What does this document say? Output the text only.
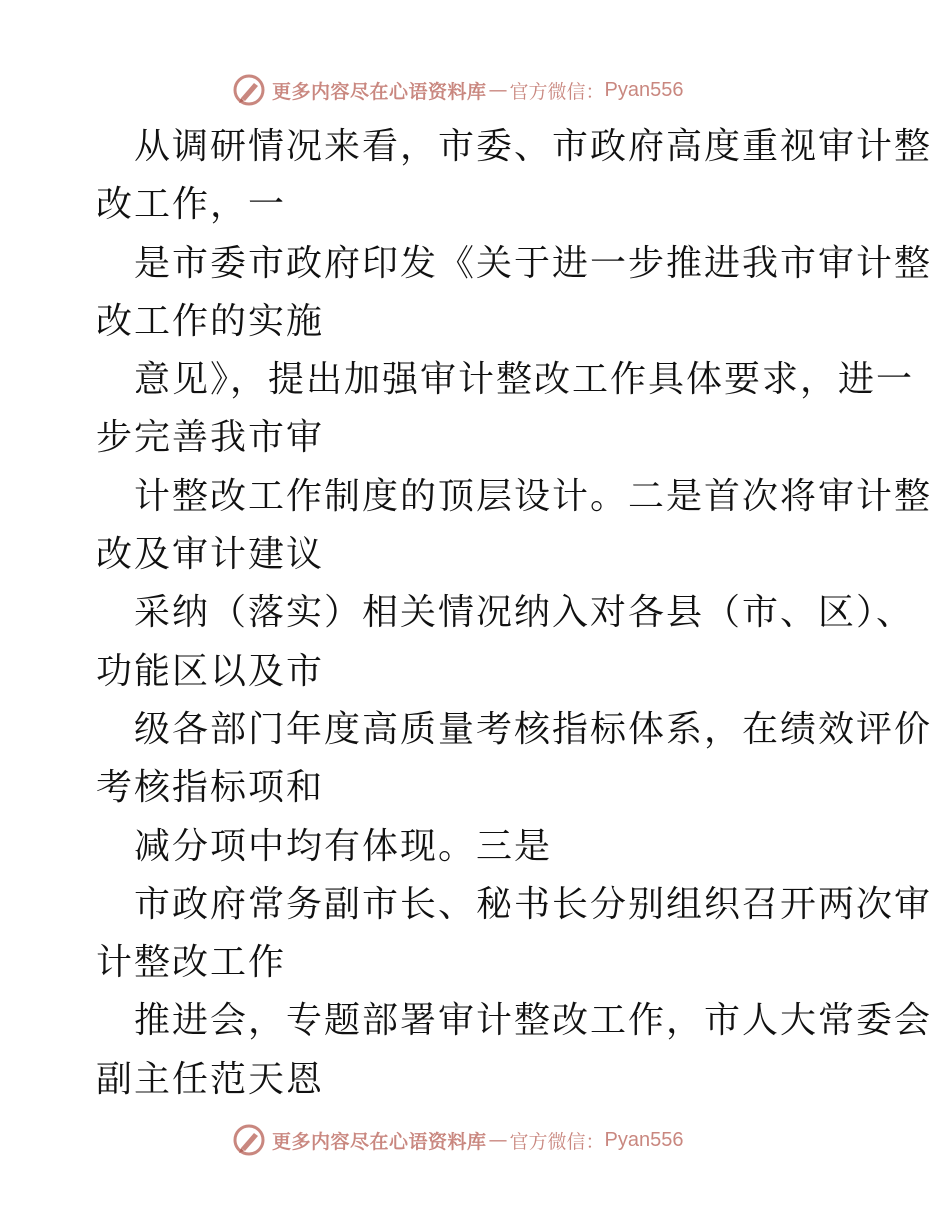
更多内容尽在心语资料库 — 官方微信： Pyan556
从调研情况来看，市委、市政府高度重视审计整
改工作，一
是市委市政府印发《关于进一步推进我市审计整
改工作的实施
意见》，提出加强审计整改工作具体要求，进一
步完善我市审
计整改工作制度的顶层设计。二是首次将审计整
改及审计建议
采纳（落实）相关情况纳入对各县（市、区）、
功能区以及市
级各部门年度高质量考核指标体系，在绩效评价
考核指标项和
减分项中均有体现。三是
市政府常务副市长、秘书长分别组织召开两次审
计整改工作
推进会，专题部署审计整改工作，市人大常委会
副主任范天恩
更多内容尽在心语资料库 — 官方微信： Pyan556
